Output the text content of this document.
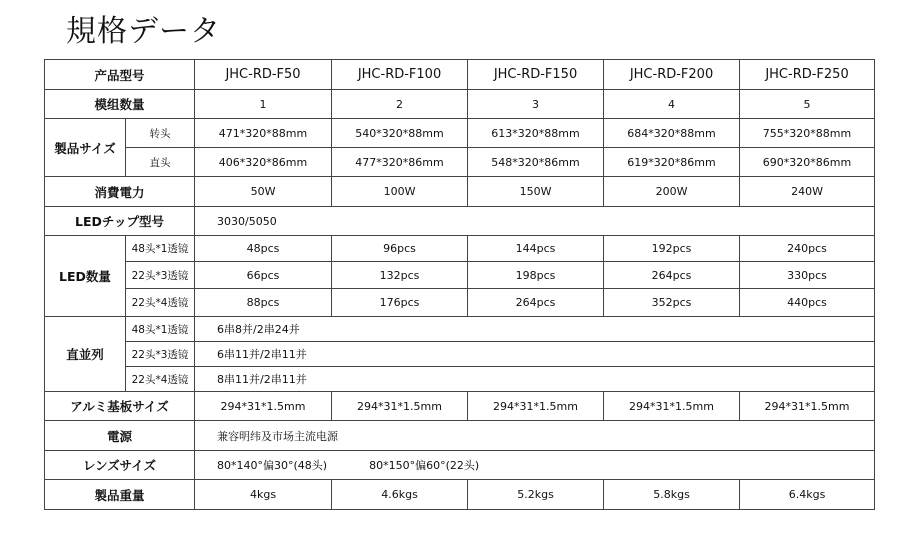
規格データ
产品型号		JHC-RD-F50	JHC-RD-F100	JHC-RD-F150	JHC-RD-F200	JHC-RD-F250
模组数量		1	2	3	4	5
製品サイズ	转头	471*320*88mm	540*320*88mm	613*320*88mm	684*320*88mm	755*320*88mm
	直头	406*320*86mm	477*320*86mm	548*320*86mm	619*320*86mm	690*320*86mm
消費電力		50W	100W	150W	200W	240W
LEDチップ型号		3030/5050				
LED数量	48头*1透镜	48pcs	96pcs	144pcs	192pcs	240pcs
	22头*3透镜	66pcs	132pcs	198pcs	264pcs	330pcs
	22头*4透镜	88pcs	176pcs	264pcs	352pcs	440pcs
直並列	48头*1透镜	6串8并/2串24并				
	22头*3透镜	6串11并/2串11并				
	22头*4透镜	8串11并/2串11并				
アルミ基板サイズ		294*31*1.5mm	294*31*1.5mm	294*31*1.5mm	294*31*1.5mm	294*31*1.5mm
電源		兼容明纬及市场主流电源				
レンズサイズ		80*140°偏30°(48头) 80*150°偏60°(22头)				
製品重量		4kgs	4.6kgs	5.2kgs	5.8kgs	6.4kgs
